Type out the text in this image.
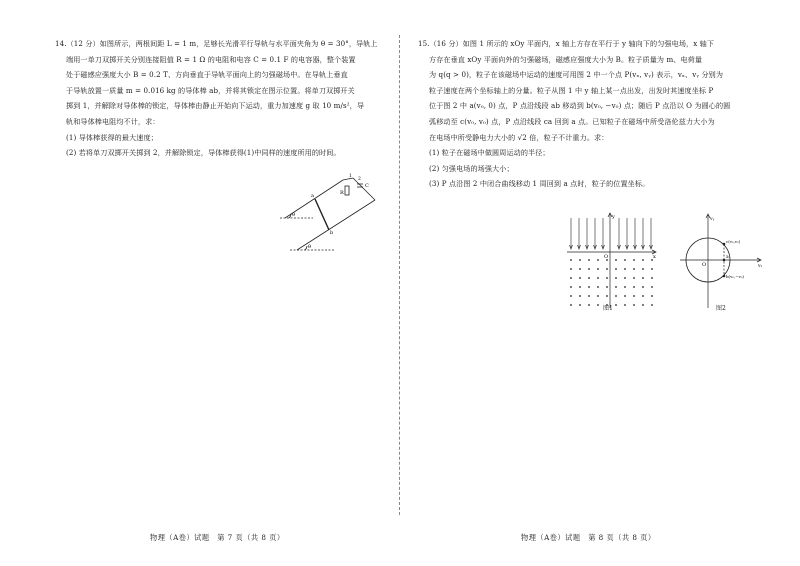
14.（12 分）如图所示，两根间距 L = 1 m，足够长光滑平行导轨与水平面夹角为 θ = 30°，导轨上

端用一单刀双掷开关分别连接阻值 R = 1 Ω 的电阻和电容 C = 0.1 F 的电容器，整个装置

处于磁感应强度大小 B = 0.2 T、方向垂直于导轨平面向上的匀强磁场中。在导轨上垂直

于导轨放置一质量 m = 0.016 kg 的导体棒 ab，并将其锁定在图示位置。将单刀双掷开关

掷到 1，并解除对导体棒的锁定，导体棒由静止开始向下运动，重力加速度 g 取 10 m/s²，导

轨和导体棒电阻均不计，求：

(1) 导体棒获得的最大速度；

(2) 若将单刀双掷开关掷到 2，并解除锁定，导体棒获得(1)中同样的速度所用的时间。

θ
θ
R
C
a
b
1
2
物理（A卷）试题　第 7 页（共 8 页）

15.（16 分）如图 1 所示的 xOy 平面内，x 轴上方存在平行于 y 轴向下的匀强电场，x 轴下

方存在垂直 xOy 平面向外的匀强磁场，磁感应强度大小为 B。粒子质量为 m、电荷量

为 q(q > 0)，粒子在该磁场中运动的速度可用图 2 中一个点 P(vₓ, vᵧ) 表示，vₓ、vᵧ 分别为

粒子速度在两个坐标轴上的分量。粒子从图 1 中 y 轴上某一点出发，出发时其速度坐标 P

位于图 2 中 a(v₀, 0) 点，P 点沿线段 ab 移动到 b(v₀, −v₀) 点；随后 P 点沿以 O 为圆心的圆

弧移动至 c(v₀, v₀) 点，P 点沿线段 ca 回到 a 点。已知粒子在磁场中所受洛伦兹力大小为

在电场中所受静电力大小的 √2 倍，粒子不计重力。求：

(1) 粒子在磁场中做圆周运动的半径；

(2) 匀强电场的场强大小；

(3) P 点沿图 2 中闭合曲线移动 1 周回到 a 点时，粒子的位置坐标。

y
x
O
图1
vᵧ
vₓ
O
c(v₀,v₀)
a
b(v₀,−v₀)
图2
物理（A卷）试题　第 8 页（共 8 页）
